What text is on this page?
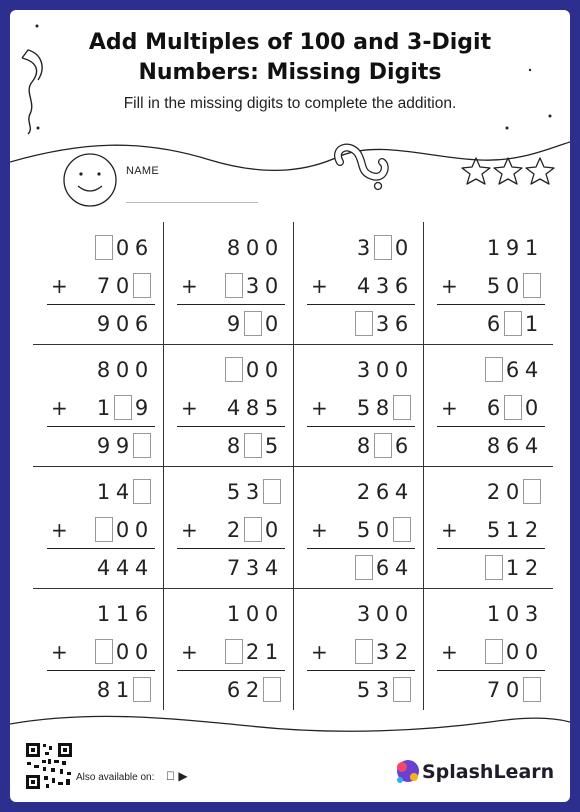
Add Multiples of 100 and 3-Digit
Numbers: Missing Digits
Fill in the missing digits to complete the addition.
NAME
0 6
+ 7 0
9 0 6
8 0 0
+ 3 0
9 0
3 0
+ 4 3 6
3 6
1 9 1
+ 5 0
6 1
8 0 0
+ 1 9
9 9
0 0
+ 4 8 5
8 5
3 0 0
+ 5 8
8 6
6 4
+ 6 0
8 6 4
1 4
+ 0 0
4 4 4
5 3
+ 2 0
7 3 4
2 6 4
+ 5 0
6 4
2 0
+ 5 1 2
1 2
1 1 6
+ 0 0
8 1
1 0 0
+ 2 1
6 2
3 0 0
+ 3 2
5 3
1 0 3
+ 0 0
7 0
Also available on: ▶	SplashLearn
